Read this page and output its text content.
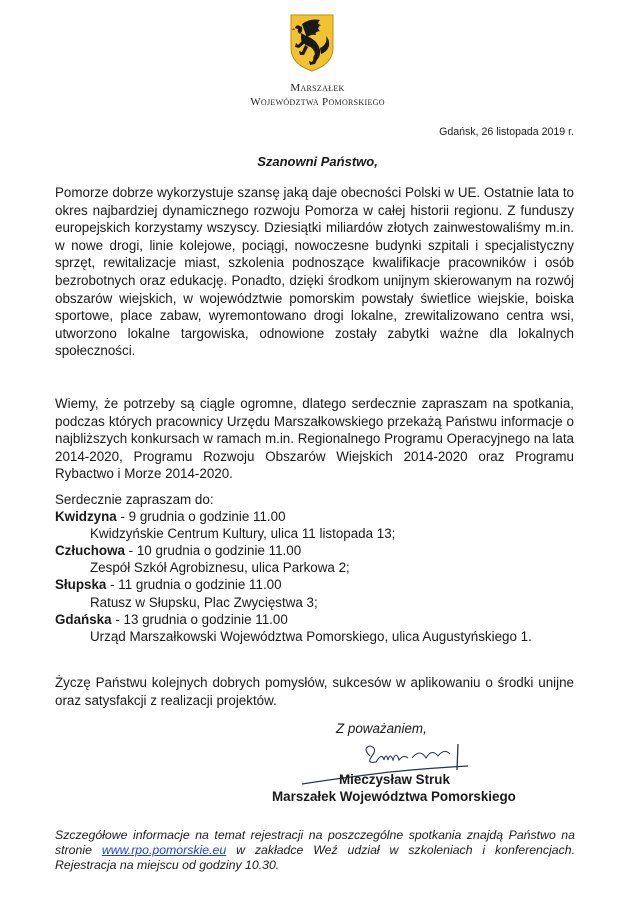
Marszałek
Województwa Pomorskiego
Gdańsk, 26 listopada 2019 r.
Szanowni Państwo,
Pomorze dobrze wykorzystuje szansę jaką daje obecności Polski w UE. Ostatnie lata to okres najbardziej dynamicznego rozwoju Pomorza w całej historii regionu. Z funduszy europejskich korzystamy wszyscy. Dziesiątki miliardów złotych zainwestowaliśmy m.in. w nowe drogi, linie kolejowe, pociągi, nowoczesne budynki szpitali i specjalistyczny sprzęt, rewitalizacje miast, szkolenia podnoszące kwalifikacje pracowników i osób bezrobotnych oraz edukację. Ponadto, dzięki środkom unijnym skierowanym na rozwój obszarów wiejskich, w województwie pomorskim powstały świetlice wiejskie, boiska sportowe, place zabaw, wyremontowano drogi lokalne, zrewitalizowano centra wsi, utworzono lokalne targowiska, odnowione zostały zabytki ważne dla lokalnych społeczności.
Wiemy, że potrzeby są ciągle ogromne, dlatego serdecznie zapraszam na spotkania, podczas których pracownicy Urzędu Marszałkowskiego przekażą Państwu informacje o najbliższych konkursach w ramach m.in. Regionalnego Programu Operacyjnego na lata 2014-2020, Programu Rozwoju Obszarów Wiejskich 2014-2020 oraz Programu Rybactwo i Morze 2014-2020.
Serdecznie zapraszam do:
Kwidzyna - 9 grudnia o godzinie 11.00
Kwidzyńskie Centrum Kultury, ulica 11 listopada 13;
Człuchowa - 10 grudnia o godzinie 11.00
Zespół Szkół Agrobiznesu, ulica Parkowa 2;
Słupska - 11 grudnia o godzinie 11.00
Ratusz w Słupsku, Plac Zwycięstwa 3;
Gdańska - 13 grudnia o godzinie 11.00
Urząd Marszałkowski Województwa Pomorskiego, ulica Augustyńskiego 1.
Życzę Państwu kolejnych dobrych pomysłów, sukcesów w aplikowaniu o środki unijne oraz satysfakcji z realizacji projektów.
Z poważaniem,
Mieczysław Struk
Marszałek Województwa Pomorskiego
Szczegółowe informacje na temat rejestracji na poszczególne spotkania znajdą Państwo na stronie www.rpo.pomorskie.eu w zakładce Weź udział w szkoleniach i konferencjach. Rejestracja na miejscu od godziny 10.30.
